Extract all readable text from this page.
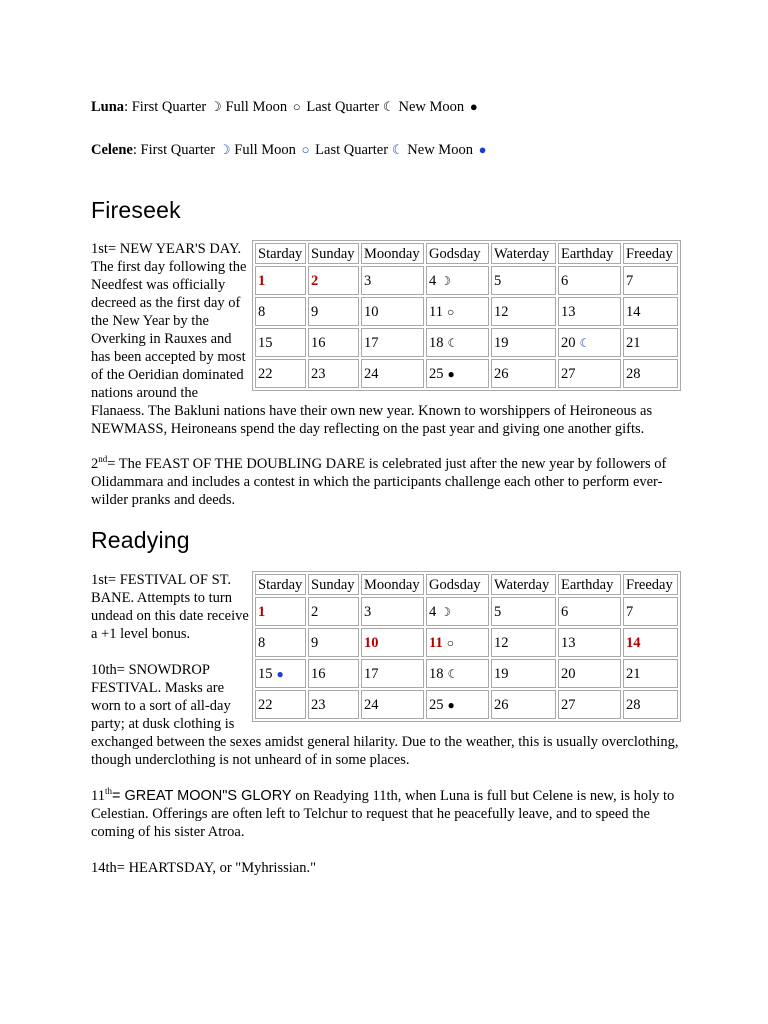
Luna: First Quarter ☽ Full Moon ○ Last Quarter ☾ New Moon ●
Celene: First Quarter ☽ Full Moon ○ Last Quarter ☾ New Moon ●
Fireseek
Starday	Sunday	Moonday	Godsday	Waterday	Earthday	Freeday
1	2	3	4 ☽	5	6	7
8	9	10	11 ○	12	13	14
15	16	17	18 ☾	19	20 ☾	21
22	23	24	25 ●	26	27	28

1st= NEW YEAR'S DAY. The first day following the Needfest was officially decreed as the first day of the New Year by the Overking in Rauxes and has been accepted by most of the Oeridian dominated nations around the Flanaess. The Bakluni nations have their own new year. Known to worshippers of Heironeous as NEWMASS, Heironeans spend the day reflecting on the past year and giving one another gifts.

2nd= The FEAST OF THE DOUBLING DARE is celebrated just after the new year by followers of Olidammara and includes a contest in which the participants challenge each other to perform ever-wilder pranks and deeds.

Readying
Starday	Sunday	Moonday	Godsday	Waterday	Earthday	Freeday
1	2	3	4 ☽	5	6	7
8	9	10	11 ○	12	13	14
15 ●	16	17	18 ☾	19	20	21
22	23	24	25 ●	26	27	28

1st= FESTIVAL OF ST. BANE. Attempts to turn undead on this date receive a +1 level bonus.

10th= SNOWDROP FESTIVAL. Masks are worn to a sort of all-day party; at dusk clothing is exchanged between the sexes amidst general hilarity. Due to the weather, this is usually overclothing, though underclothing is not unheard of in some places.

11th= GREAT MOON"S GLORY on Readying 11th, when Luna is full but Celene is new, is holy to Celestian. Offerings are often left to Telchur to request that he peacefully leave, and to speed the coming of his sister Atroa.

14th= HEARTSDAY, or "Myhrissian."
